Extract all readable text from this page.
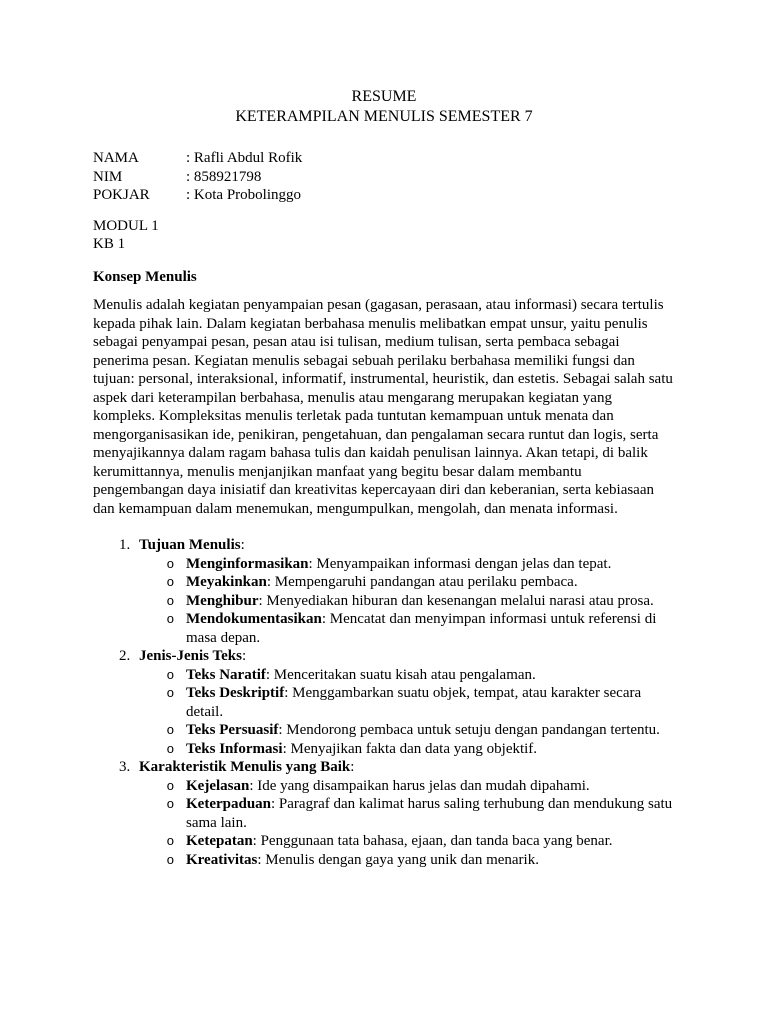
RESUME
KETERAMPILAN MENULIS SEMESTER 7
NAMA	: Rafli Abdul Rofik
NIM	: 858921798
POKJAR	: Kota Probolinggo
MODUL 1
KB 1
Konsep Menulis
Menulis adalah kegiatan penyampaian pesan (gagasan, perasaan, atau informasi) secara tertulis kepada pihak lain. Dalam kegiatan berbahasa menulis melibatkan empat unsur, yaitu penulis sebagai penyampai pesan, pesan atau isi tulisan, medium tulisan, serta pembaca sebagai penerima pesan. Kegiatan menulis sebagai sebuah perilaku berbahasa memiliki fungsi dan tujuan: personal, interaksional, informatif, instrumental, heuristik, dan estetis. Sebagai salah satu aspek dari keterampilan berbahasa, menulis atau mengarang merupakan kegiatan yang kompleks. Kompleksitas menulis terletak pada tuntutan kemampuan untuk menata dan mengorganisasikan ide, penikiran, pengetahuan, dan pengalaman secara runtut dan logis, serta menyajikannya dalam ragam bahasa tulis dan kaidah penulisan lainnya. Akan tetapi, di balik kerumittannya, menulis menjanjikan manfaat yang begitu besar dalam membantu pengembangan daya inisiatif dan kreativitas kepercayaan diri dan keberanian, serta kebiasaan dan kemampuan dalam menemukan, mengumpulkan, mengolah, dan menata informasi.
1. Tujuan Menulis:
o Menginformasikan: Menyampaikan informasi dengan jelas dan tepat.
o Meyakinkan: Mempengaruhi pandangan atau perilaku pembaca.
o Menghibur: Menyediakan hiburan dan kesenangan melalui narasi atau prosa.
o Mendokumentasikan: Mencatat dan menyimpan informasi untuk referensi di masa depan.
2. Jenis-Jenis Teks:
o Teks Naratif: Menceritakan suatu kisah atau pengalaman.
o Teks Deskriptif: Menggambarkan suatu objek, tempat, atau karakter secara detail.
o Teks Persuasif: Mendorong pembaca untuk setuju dengan pandangan tertentu.
o Teks Informasi: Menyajikan fakta dan data yang objektif.
3. Karakteristik Menulis yang Baik:
o Kejelasan: Ide yang disampaikan harus jelas dan mudah dipahami.
o Keterpaduan: Paragraf dan kalimat harus saling terhubung dan mendukung satu sama lain.
o Ketepatan: Penggunaan tata bahasa, ejaan, dan tanda baca yang benar.
o Kreativitas: Menulis dengan gaya yang unik dan menarik.
